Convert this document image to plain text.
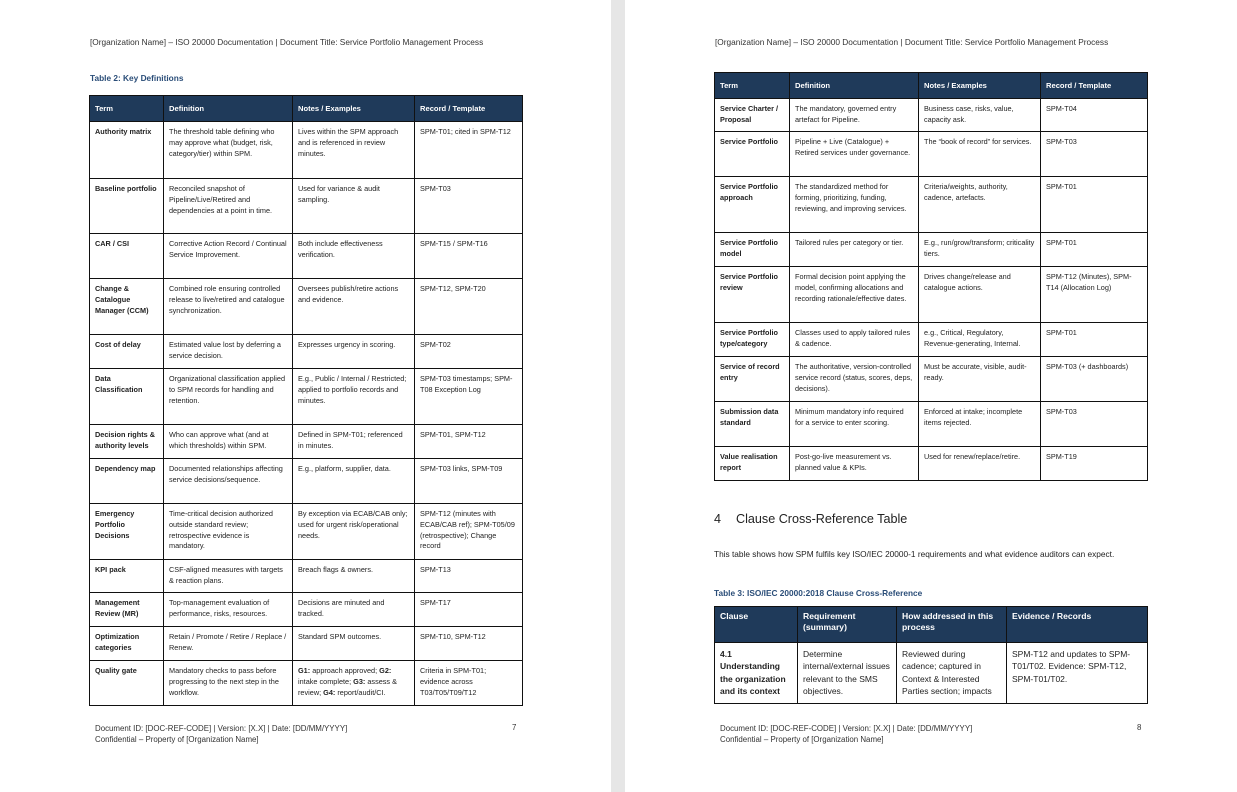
[Organization Name] – ISO 20000 Documentation | Document Title: Service Portfolio Management Process
Table 2: Key Definitions
Term	Definition	Notes / Examples	Record / Template
Authority matrix	The threshold table defining who may approve what (budget, risk, category/tier) within SPM.	Lives within the SPM approach and is referenced in review minutes.	SPM-T01; cited in SPM-T12
Baseline portfolio	Reconciled snapshot of Pipeline/Live/Retired and dependencies at a point in time.	Used for variance & audit sampling.	SPM-T03
CAR / CSI	Corrective Action Record / Continual Service Improvement.	Both include effectiveness verification.	SPM-T15 / SPM-T16
Change & Catalogue Manager (CCM)	Combined role ensuring controlled release to live/retired and catalogue synchronization.	Oversees publish/retire actions and evidence.	SPM-T12, SPM-T20
Cost of delay	Estimated value lost by deferring a service decision.	Expresses urgency in scoring.	SPM-T02
Data Classification	Organizational classification applied to SPM records for handling and retention.	E.g., Public / Internal / Restricted; applied to portfolio records and minutes.	SPM-T03 timestamps; SPM-T08 Exception Log
Decision rights & authority levels	Who can approve what (and at which thresholds) within SPM.	Defined in SPM-T01; referenced in minutes.	SPM-T01, SPM-T12
Dependency map	Documented relationships affecting service decisions/sequence.	E.g., platform, supplier, data.	SPM-T03 links, SPM-T09
Emergency Portfolio Decisions	Time-critical decision authorized outside standard review; retrospective evidence is mandatory.	By exception via ECAB/CAB only; used for urgent risk/operational needs.	SPM-T12 (minutes with ECAB/CAB ref); SPM-T05/09 (retrospective); Change record
KPI pack	CSF-aligned measures with targets & reaction plans.	Breach flags & owners.	SPM-T13
Management Review (MR)	Top-management evaluation of performance, risks, resources.	Decisions are minuted and tracked.	SPM-T17
Optimization categories	Retain / Promote / Retire / Replace / Renew.	Standard SPM outcomes.	SPM-T10, SPM-T12
Quality gate	Mandatory checks to pass before progressing to the next step in the workflow.	G1: approach approved; G2: intake complete; G3: assess & review; G4: report/audit/CI.	Criteria in SPM-T01; evidence across T03/T05/T09/T12
Document ID: [DOC-REF-CODE] | Version: [X.X] | Date: [DD/MM/YYYY]
Confidential – Property of [Organization Name]
7
[Organization Name] – ISO 20000 Documentation | Document Title: Service Portfolio Management Process
Term	Definition	Notes / Examples	Record / Template
Service Charter / Proposal	The mandatory, governed entry artefact for Pipeline.	Business case, risks, value, capacity ask.	SPM-T04
Service Portfolio	Pipeline + Live (Catalogue) + Retired services under governance.	The “book of record” for services.	SPM-T03
Service Portfolio approach	The standardized method for forming, prioritizing, funding, reviewing, and improving services.	Criteria/weights, authority, cadence, artefacts.	SPM-T01
Service Portfolio model	Tailored rules per category or tier.	E.g., run/grow/transform; criticality tiers.	SPM-T01
Service Portfolio review	Formal decision point applying the model, confirming allocations and recording rationale/effective dates.	Drives change/release and catalogue actions.	SPM-T12 (Minutes), SPM-T14 (Allocation Log)
Service Portfolio type/category	Classes used to apply tailored rules & cadence.	e.g., Critical, Regulatory, Revenue-generating, Internal.	SPM-T01
Service of record entry	The authoritative, version-controlled service record (status, scores, deps, decisions).	Must be accurate, visible, audit-ready.	SPM-T03 (+ dashboards)
Submission data standard	Minimum mandatory info required for a service to enter scoring.	Enforced at intake; incomplete items rejected.	SPM-T03
Value realisation report	Post-go-live measurement vs. planned value & KPIs.	Used for renew/replace/retire.	SPM-T19
4 Clause Cross-Reference Table
This table shows how SPM fulfils key ISO/IEC 20000-1 requirements and what evidence auditors can expect.
Table 3: ISO/IEC 20000:2018 Clause Cross-Reference
Clause	Requirement (summary)	How addressed in this process	Evidence / Records
4.1 Understanding the organization and its context	Determine internal/external issues relevant to the SMS objectives.	Reviewed during cadence; captured in Context & Interested Parties section; impacts	SPM-T12 and updates to SPM-T01/T02. Evidence: SPM-T12, SPM-T01/T02.
Document ID: [DOC-REF-CODE] | Version: [X.X] | Date: [DD/MM/YYYY]
Confidential – Property of [Organization Name]
8
